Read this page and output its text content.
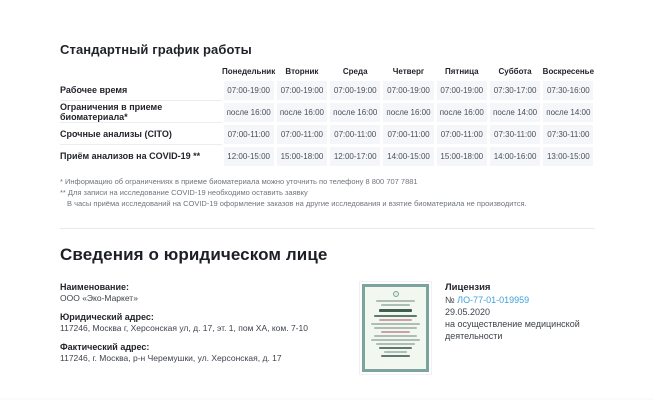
Стандартный график работы
Понедельник	Вторник	Среда	Четверг	Пятница	Суббота	Воскресенье
Рабочее время	07:00-19:00	07:00-19:00	07:00-19:00	07:00-19:00	07:00-19:00	07:30-17:00	07:30-16:00
Ограничения в приеме биоматериала*	после 16:00	после 16:00	после 16:00	после 16:00	после 16:00	после 14:00	после 14:00
Срочные анализы (CITO)	07:00-11:00	07:00-11:00	07:00-11:00	07:00-11:00	07:00-11:00	07:30-11:00	07:30-11:00
Приём анализов на COVID-19 **	12:00-15:00	15:00-18:00	12:00-17:00	14:00-15:00	15:00-18:00	14:00-16:00	13:00-15:00
* Информацию об ограничениях в приеме биоматериала можно уточнить по телефону 8 800 707 7881
** Для записи на исследование COVID-19 необходимо оставить заявку
В часы приёма исследований на COVID-19 оформление заказов на другие исследования и взятие биоматериала не производится.
Сведения о юридическом лице
Наименование:
ООО «Эко-Маркет»
Юридический адрес:
117246, Москва г, Херсонская ул, д. 17, эт. 1, пом ХА, ком. 7-10
Фактический адрес:
117246, г. Москва, р-н Черемушки, ул. Херсонская, д. 17
Лицензия
№ ЛО-77-01-019959
29.05.2020
на осуществление медицинской деятельности
